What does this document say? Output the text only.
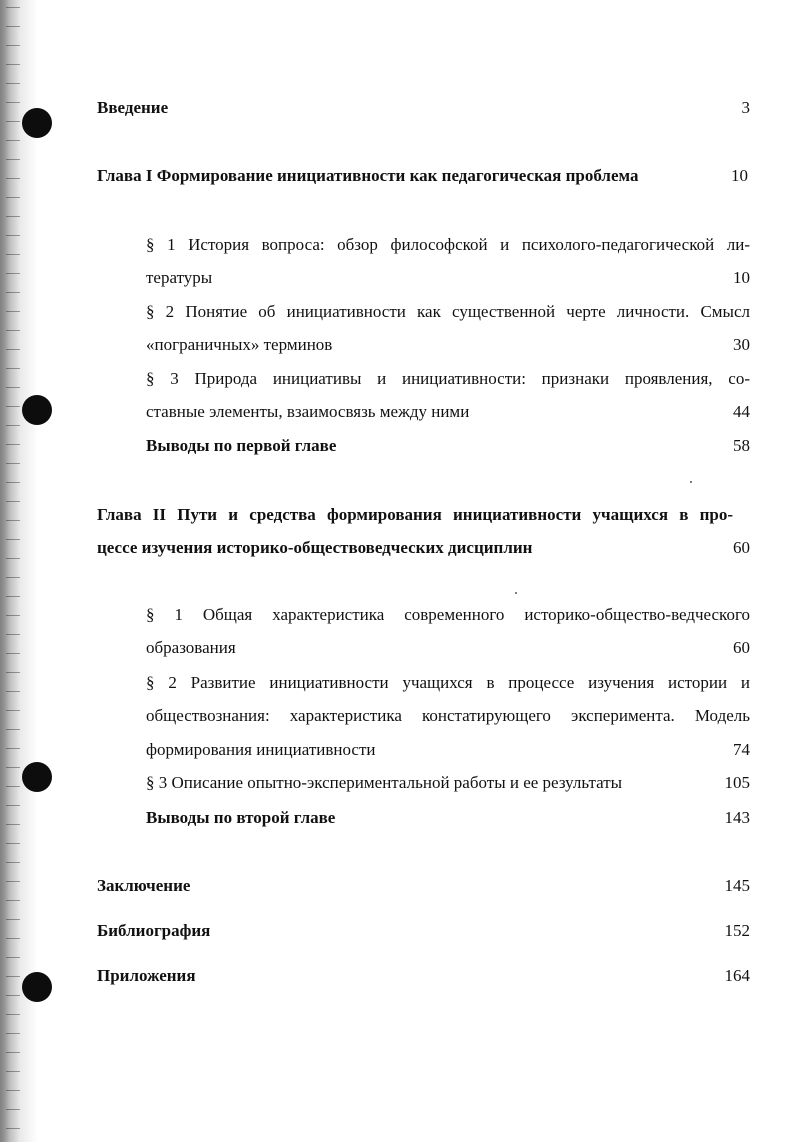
Введение	3
Глава I Формирование инициативности как педагогическая проблема	10
§ 1 История вопроса: обзор философской и психолого-педагогической ли-
тературы	10
§ 2 Понятие об инициативности как существенной черте личности. Смысл
«пограничных» терминов	30
§ 3 Природа инициативы и инициативности: признаки проявления, со-
ставные элементы, взаимосвязь между ними	44
Выводы по первой главе	58
Глава II Пути и средства формирования инициативности учащихся в про-
цессе изучения историко-обществоведческих дисциплин	60
§ 1 Общая характеристика современного историко-общество-ведческого
образования	60
§ 2 Развитие инициативности учащихся в процессе изучения истории и
обществознания: характеристика констатирующего эксперимента. Модель
формирования инициативности	74
§ 3 Описание опытно-экспериментальной работы и ее результаты	105
Выводы по второй главе	143
Заключение	145
Библиография	152
Приложения	164
